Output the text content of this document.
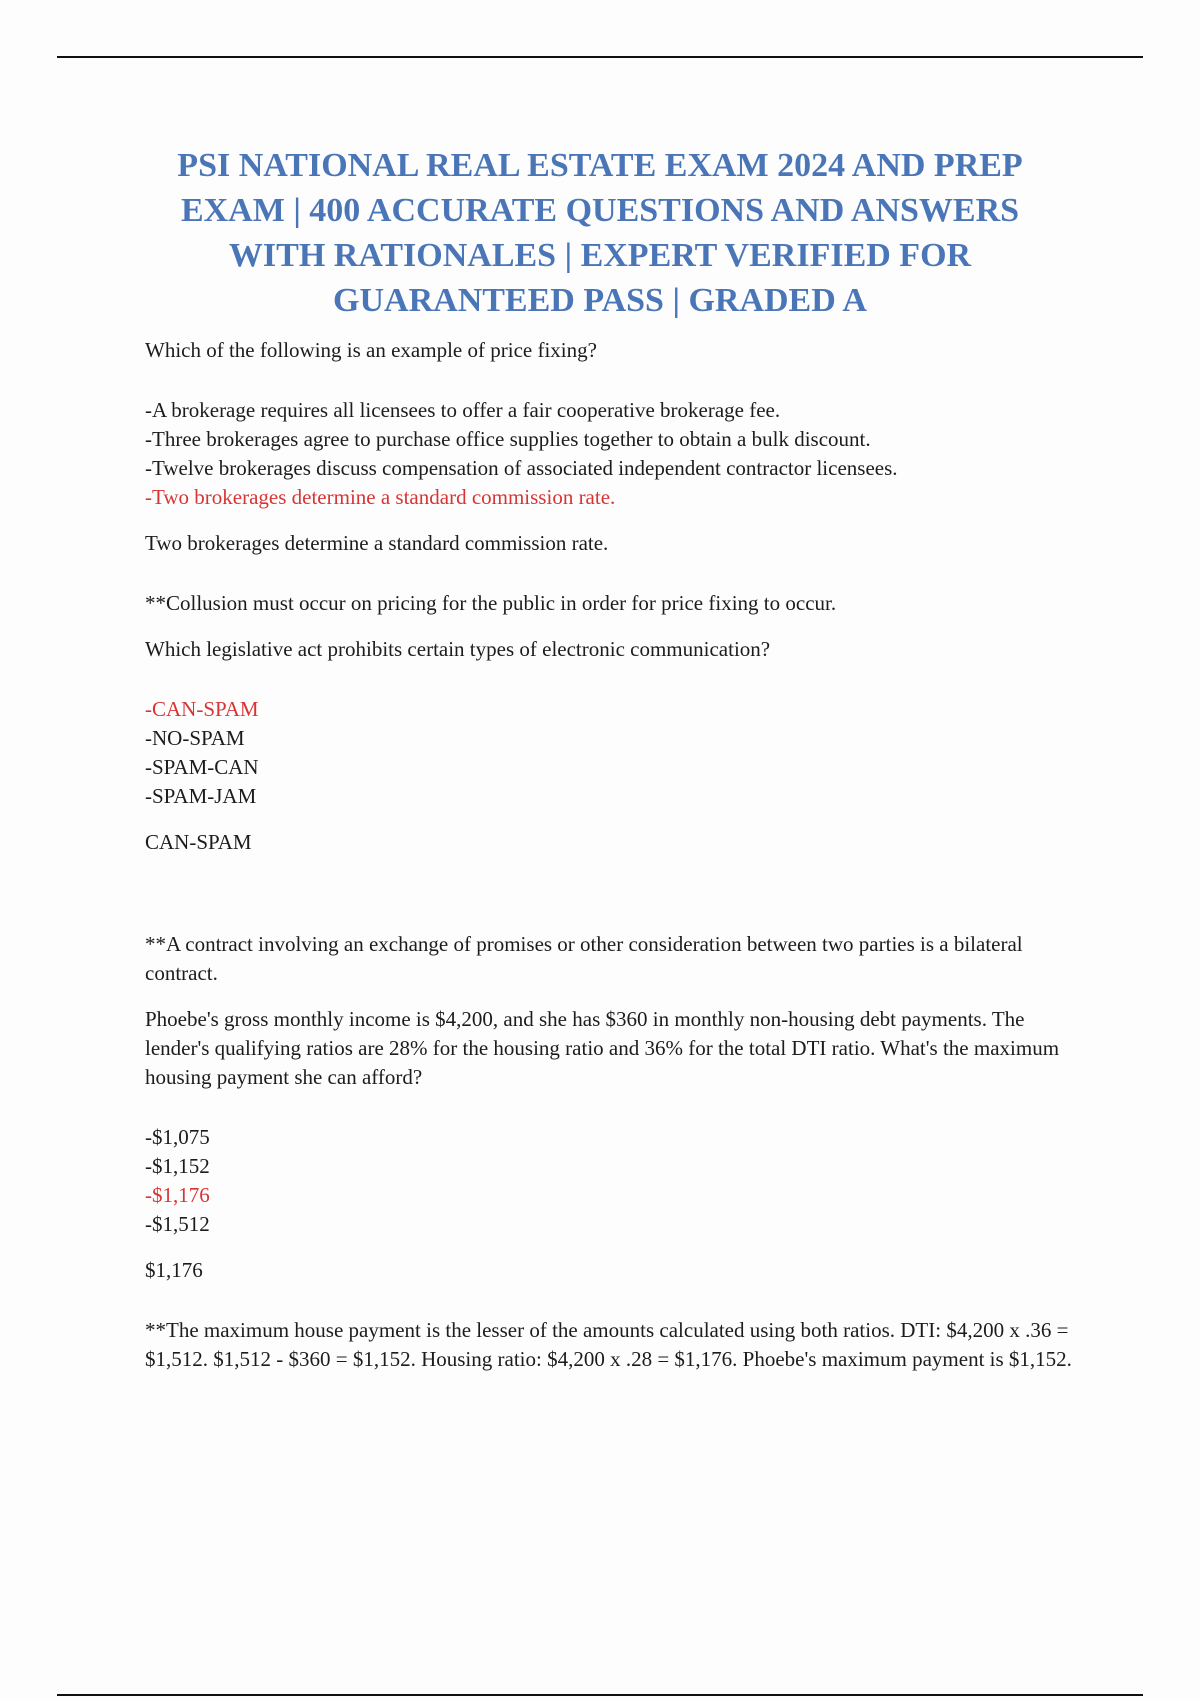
PSI NATIONAL REAL ESTATE EXAM 2024 AND PREP
EXAM | 400 ACCURATE QUESTIONS AND ANSWERS
WITH RATIONALES | EXPERT VERIFIED FOR
GUARANTEED PASS | GRADED A

Which of the following is an example of price fixing?

-A brokerage requires all licensees to offer a fair cooperative brokerage fee.
-Three brokerages agree to purchase office supplies together to obtain a bulk discount.
-Twelve brokerages discuss compensation of associated independent contractor licensees.
-Two brokerages determine a standard commission rate.

Two brokerages determine a standard commission rate.

**Collusion must occur on pricing for the public in order for price fixing to occur.

Which legislative act prohibits certain types of electronic communication?

-CAN-SPAM
-NO-SPAM
-SPAM-CAN
-SPAM-JAM

CAN-SPAM

**A contract involving an exchange of promises or other consideration between two parties is a bilateral contract.

Phoebe's gross monthly income is $4,200, and she has $360 in monthly non-housing debt payments. The lender's qualifying ratios are 28% for the housing ratio and 36% for the total DTI ratio. What's the maximum housing payment she can afford?

-$1,075
-$1,152
-$1,176
-$1,512

$1,176

**The maximum house payment is the lesser of the amounts calculated using both ratios. DTI: $4,200 x .36 = $1,512. $1,512 - $360 = $1,152. Housing ratio: $4,200 x .28 = $1,176. Phoebe's maximum payment is $1,152.
